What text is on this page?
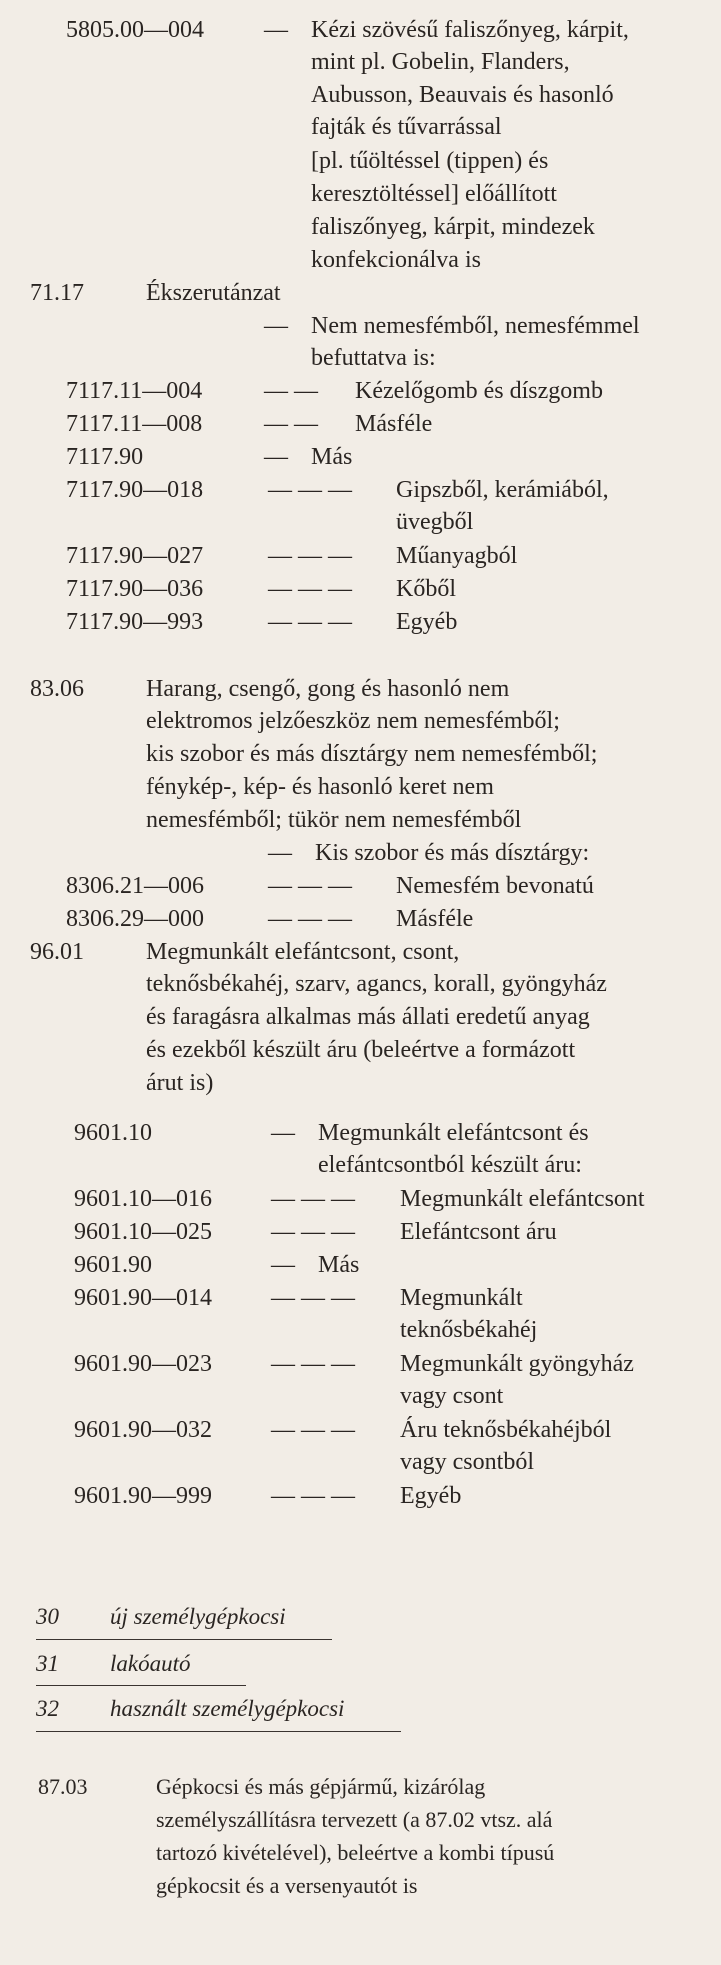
5805.00—004	— Kézi szövésű faliszőnyeg, kárpit,
mint pl. Gobelin, Flanders,
Aubusson, Beauvais és hasonló
fajták és tűvarrással
[pl. tűöltéssel (tippen) és
keresztöltéssel] előállított
faliszőnyeg, kárpit, mindezek
konfekcionálva is
71.17	Ékszerutánzat
— Nem nemesfémből, nemesfémmel
befuttatva is:
7117.11—004	— — Kézelőgomb és díszgomb
7117.11—008	— — Másféle
7117.90	— Más
7117.90—018	— — — Gipszből, kerámiából,
üvegből
7117.90—027	— — — Műanyagból
7117.90—036	— — — Kőből
7117.90—993	— — — Egyéb
83.06	Harang, csengő, gong és hasonló nem
elektromos jelzőeszköz nem nemesfémből;
kis szobor és más dísztárgy nem nemesfémből;
fénykép-, kép- és hasonló keret nem
nemesfémből; tükör nem nemesfémből
— Kis szobor és más dísztárgy:
8306.21—006	— — — Nemesfém bevonatú
8306.29—000	— — — Másféle
96.01	Megmunkált elefántcsont, csont,
teknősbékahéj, szarv, agancs, korall, gyöngyház
és faragásra alkalmas más állati eredetű anyag
és ezekből készült áru (beleértve a formázott
árut is)
9601.10	— Megmunkált elefántcsont és
elefántcsontból készült áru:
9601.10—016 — — — Megmunkált elefántcsont
9601.10—025 — — — Elefántcsont áru
9601.90	— Más
9601.90—014 — — — Megmunkált
teknősbékahéj
9601.90—023 — — — Megmunkált gyöngyház
vagy csont
9601.90—032 — — — Áru teknősbékahéjból
vagy csontból
9601.90—999 — — — Egyéb
30 új személygépkocsi
31 lakóautó
32 használt személygépkocsi
87.03	Gépkocsi és más gépjármű, kizárólag
személyszállításra tervezett (a 87.02 vtsz. alá
tartozó kivételével), beleértve a kombi típusú
gépkocsit és a versenyautót is
